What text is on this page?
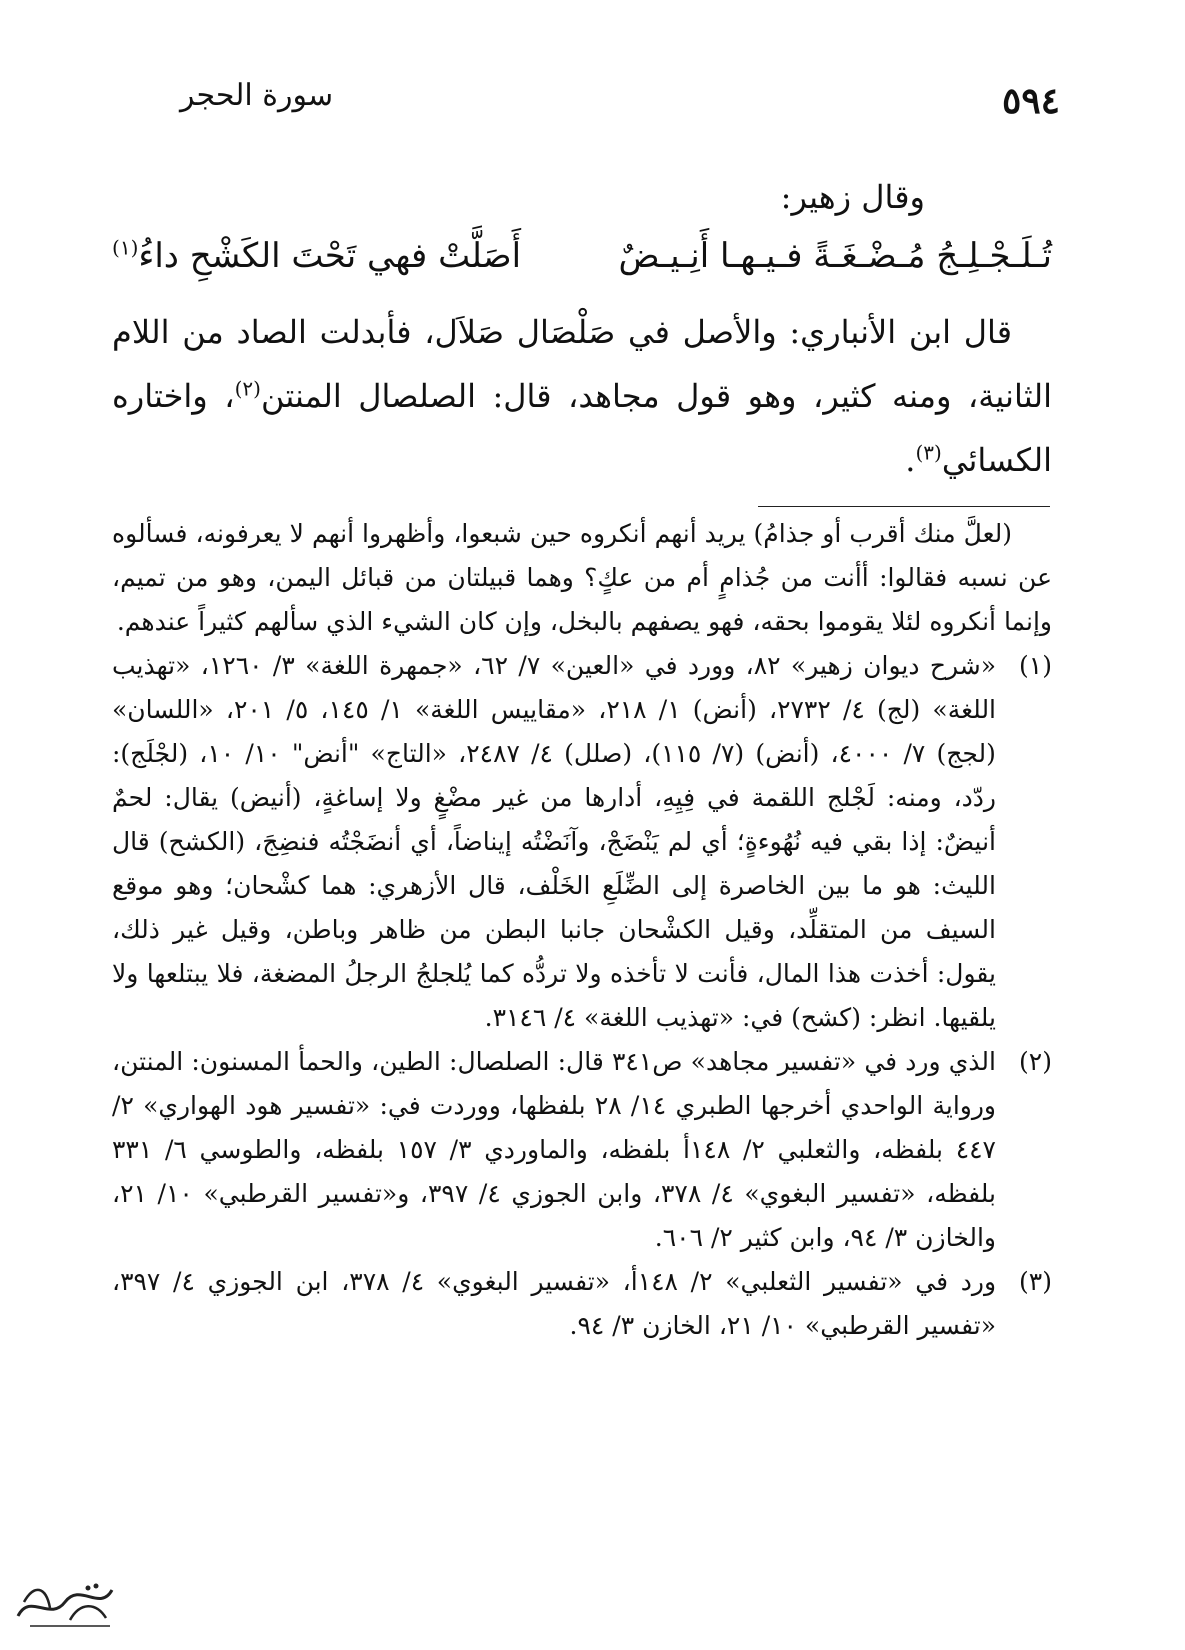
سورة الحجر	٥٩٤
وقال زهير:
تُـلَـجْـلِـجُ مُـضْـغَـةً فـيـهـا أَنِـيـضٌ
أَصَلَّتْ فهي تَحْتَ الكَشْحِ داءُ$^{(١)}$
قال ابن الأنباري: والأصل في صَلْصَال صَلاَل، فأبدلت الصاد من اللام الثانية، ومنه كثير، وهو قول مجاهد، قال: الصلصال المنتن$^{(٢)}$، واختاره الكسائي$^{(٣)}$.

(لعلَّ منك أقرب أو جذامُ) يريد أنهم أنكروه حين شبعوا، وأظهروا أنهم لا يعرفونه، فسألوه عن نسبه فقالوا: أأنت من جُذامٍ أم من عكٍ؟ وهما قبيلتان من قبائل اليمن، وهو من تميم، وإنما أنكروه لئلا يقوموا بحقه، فهو يصفهم بالبخل، وإن كان الشيء الذي سألهم كثيراً عندهم.

(١)

«شرح ديوان زهير» ٨٢، وورد في «العين» ٧/ ٦٢، «جمهرة اللغة» ٣/ ١٢٦٠، «تهذيب اللغة» (لج) ٤/ ٢٧٣٢، (أنض) ١/ ٢١٨، «مقاييس اللغة» ١/ ١٤٥، ٥/ ٢٠١، «اللسان» (لجج) ٧/ ٤٠٠٠، (أنض) (٧/ ١١٥)، (صلل) ٤/ ٢٤٨٧، «التاج» "أنض" ١٠/ ١٠، (لجْلَج): ردّد، ومنه: لَجْلج اللقمة في فِيِهِ، أدارها من غير مضْغٍ ولا إساغةٍ، (أنيض) يقال: لحمٌ أنيضٌ: إذا بقي فيه نُهُوءةٍ؛ أي لم يَنْضَجْ، وآنَضْتُه إيناضاً، أي أنضَجْتُه فنضِجَ، (الكشح) قال الليث: هو ما بين الخاصرة إلى الضِّلَعِ الخَلْف، قال الأزهري: هما كشْحان؛ وهو موقع السيف من المتقلِّد، وقيل الكشْحان جانبا البطن من ظاهر وباطن، وقيل غير ذلك، يقول: أخذت هذا المال، فأنت لا تأخذه ولا تردُّه كما يُلجلجُ الرجلُ المضغة، فلا يبتلعها ولا يلقيها. انظر: (كشح) في: «تهذيب اللغة» ٤/ ٣١٤٦.

(٢)

الذي ورد في «تفسير مجاهد» ص٣٤١ قال: الصلصال: الطين، والحمأ المسنون: المنتن، ورواية الواحدي أخرجها الطبري ١٤/ ٢٨ بلفظها، ووردت في: «تفسير هود الهواري» ٢/ ٤٤٧ بلفظه، والثعلبي ٢/ ١٤٨أ بلفظه، والماوردي ٣/ ١٥٧ بلفظه، والطوسي ٦/ ٣٣١ بلفظه، «تفسير البغوي» ٤/ ٣٧٨، وابن الجوزي ٤/ ٣٩٧، و«تفسير القرطبي» ١٠/ ٢١، والخازن ٣/ ٩٤، وابن كثير ٢/ ٦٠٦.

(٣)

ورد في «تفسير الثعلبي» ٢/ ١٤٨أ، «تفسير البغوي» ٤/ ٣٧٨، ابن الجوزي ٤/ ٣٩٧، «تفسير القرطبي» ١٠/ ٢١، الخازن ٣/ ٩٤.
